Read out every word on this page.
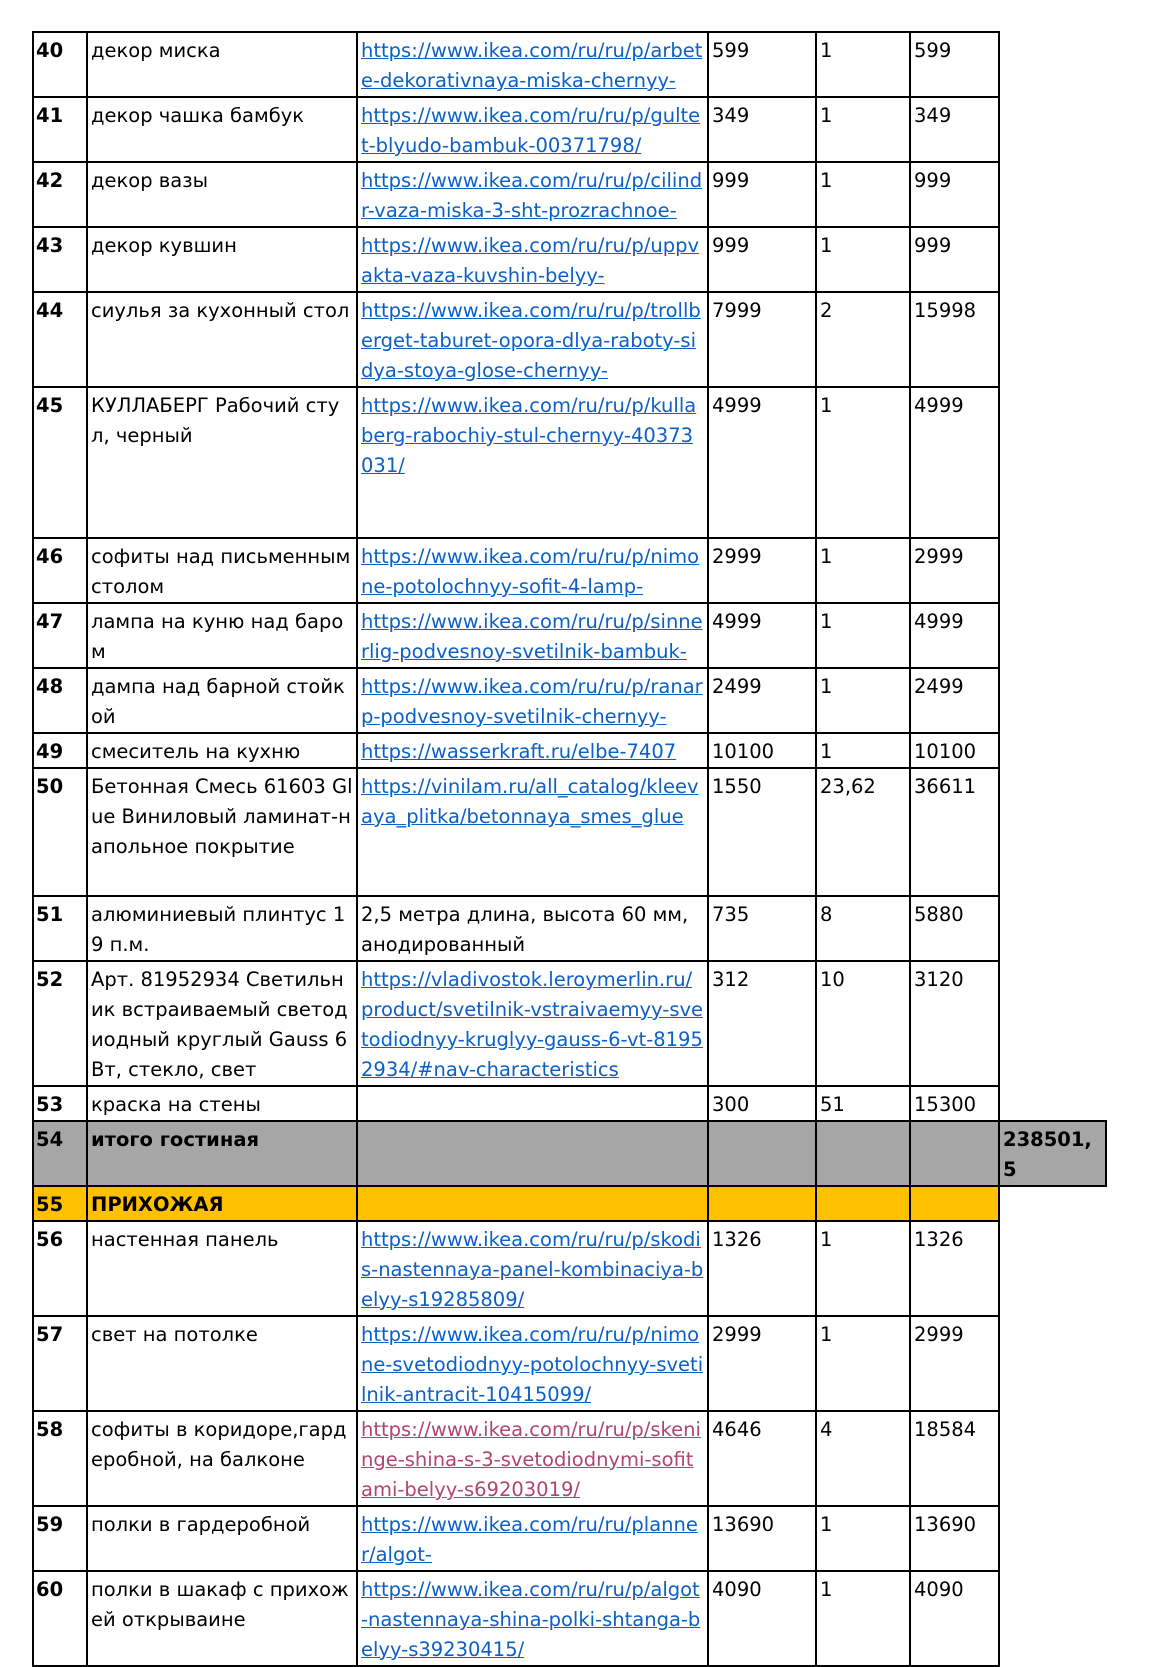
40	декор миска	https://www.ikea.com/ru/ru/p/arbete-dekorativnaya-miska-chernyy-	599	1	599	
41	декор чашка бамбук	https://www.ikea.com/ru/ru/p/gultet-blyudo-bambuk-00371798/	349	1	349	
42	декор вазы	https://www.ikea.com/ru/ru/p/cilindr-vaza-miska-3-sht-prozrachnoe-	999	1	999	
43	декор кувшин	https://www.ikea.com/ru/ru/p/uppvakta-vaza-kuvshin-belyy-	999	1	999	
44	сиулья за кухонный стол	https://www.ikea.com/ru/ru/p/trollberget-taburet-opora-dlya-raboty-sidya-stoya-glose-chernyy-	7999	2	15998	
45	КУЛЛАБЕРГ Рабочий стул, черный	https://www.ikea.com/ru/ru/p/kullaberg-rabochiy-stul-chernyy-40373031/	4999	1	4999	
46	софиты над письменным столом	https://www.ikea.com/ru/ru/p/nimone-potolochnyy-sofit-4-lamp-	2999	1	2999	
47	лампа на куню над баром	https://www.ikea.com/ru/ru/p/sinnerlig-podvesnoy-svetilnik-bambuk-	4999	1	4999	
48	дампа над барной стойкой	https://www.ikea.com/ru/ru/p/ranarp-podvesnoy-svetilnik-chernyy-	2499	1	2499	
49	смеситель на кухню	https://wasserkraft.ru/elbe-7407	10100	1	10100	
50	Бетонная Смесь 61603 Glue Виниловый ламинат-напольное покрытие	https://vinilam.ru/all_catalog/kleevaya_plitka/betonnaya_smes_glue	1550	23,62	36611	
51	алюминиевый плинтус 19 п.м.	2,5 метра длина, высота 60 мм, анодированный	735	8	5880	
52	Арт. 81952934 Светильник встраиваемый светодиодный круглый Gauss 6 Вт, стекло, свет	https://vladivostok.leroymerlin.ru/product/svetilnik-vstraivaemyy-svetodiodnyy-kruglyy-gauss-6-vt-81952934/#nav-characteristics	312	10	3120	
53	краска на стены		300	51	15300	
54	итого гостиная					238501,5
55	ПРИХОЖАЯ					
56	настенная панель	https://www.ikea.com/ru/ru/p/skodis-nastennaya-panel-kombinaciya-belyy-s19285809/	1326	1	1326	
57	свет на потолке	https://www.ikea.com/ru/ru/p/nimone-svetodiodnyy-potolochnyy-svetilnik-antracit-10415099/	2999	1	2999	
58	софиты в коридоре,гардеробной, на балконе	https://www.ikea.com/ru/ru/p/skeninge-shina-s-3-svetodiodnymi-sofitami-belyy-s69203019/	4646	4	18584	
59	полки в гардеробной	https://www.ikea.com/ru/ru/planner/algot-	13690	1	13690	
60	полки в шакаф с прихожей открываине	https://www.ikea.com/ru/ru/p/algot-nastennaya-shina-polki-shtanga-belyy-s39230415/	4090	1	4090	
